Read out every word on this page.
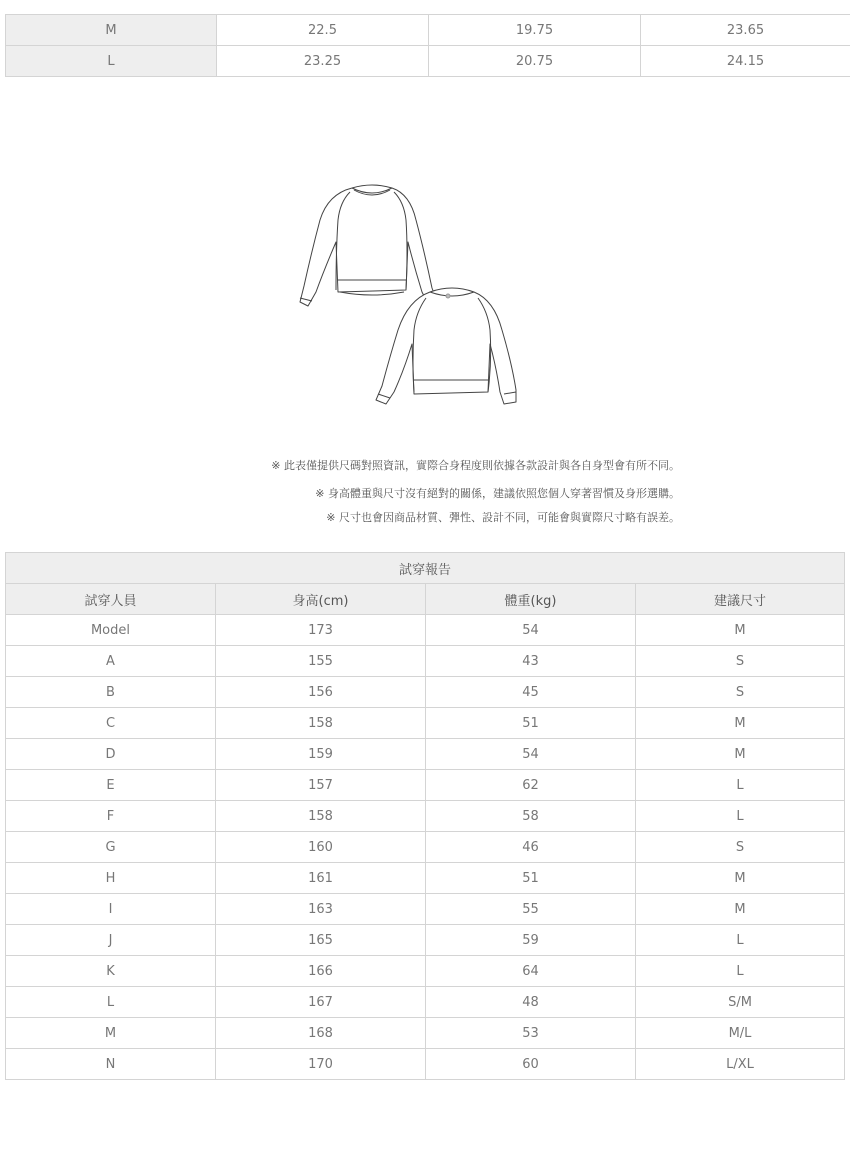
M	22.5	19.75	23.65
L	23.25	20.75	24.15
※ 此表僅提供尺碼對照資訊，實際合身程度則依據各款設計與各自身型會有所不同。
※ 身高體重與尺寸沒有絕對的關係，建議依照您個人穿著習慣及身形選購。
※ 尺寸也會因商品材質、彈性、設計不同，可能會與實際尺寸略有誤差。
試穿報告			
試穿人員	身高(cm)	體重(kg)	建議尺寸
Model	173	54	M
A	155	43	S
B	156	45	S
C	158	51	M
D	159	54	M
E	157	62	L
F	158	58	L
G	160	46	S
H	161	51	M
I	163	55	M
J	165	59	L
K	166	64	L
L	167	48	S/M
M	168	53	M/L
N	170	60	L/XL
